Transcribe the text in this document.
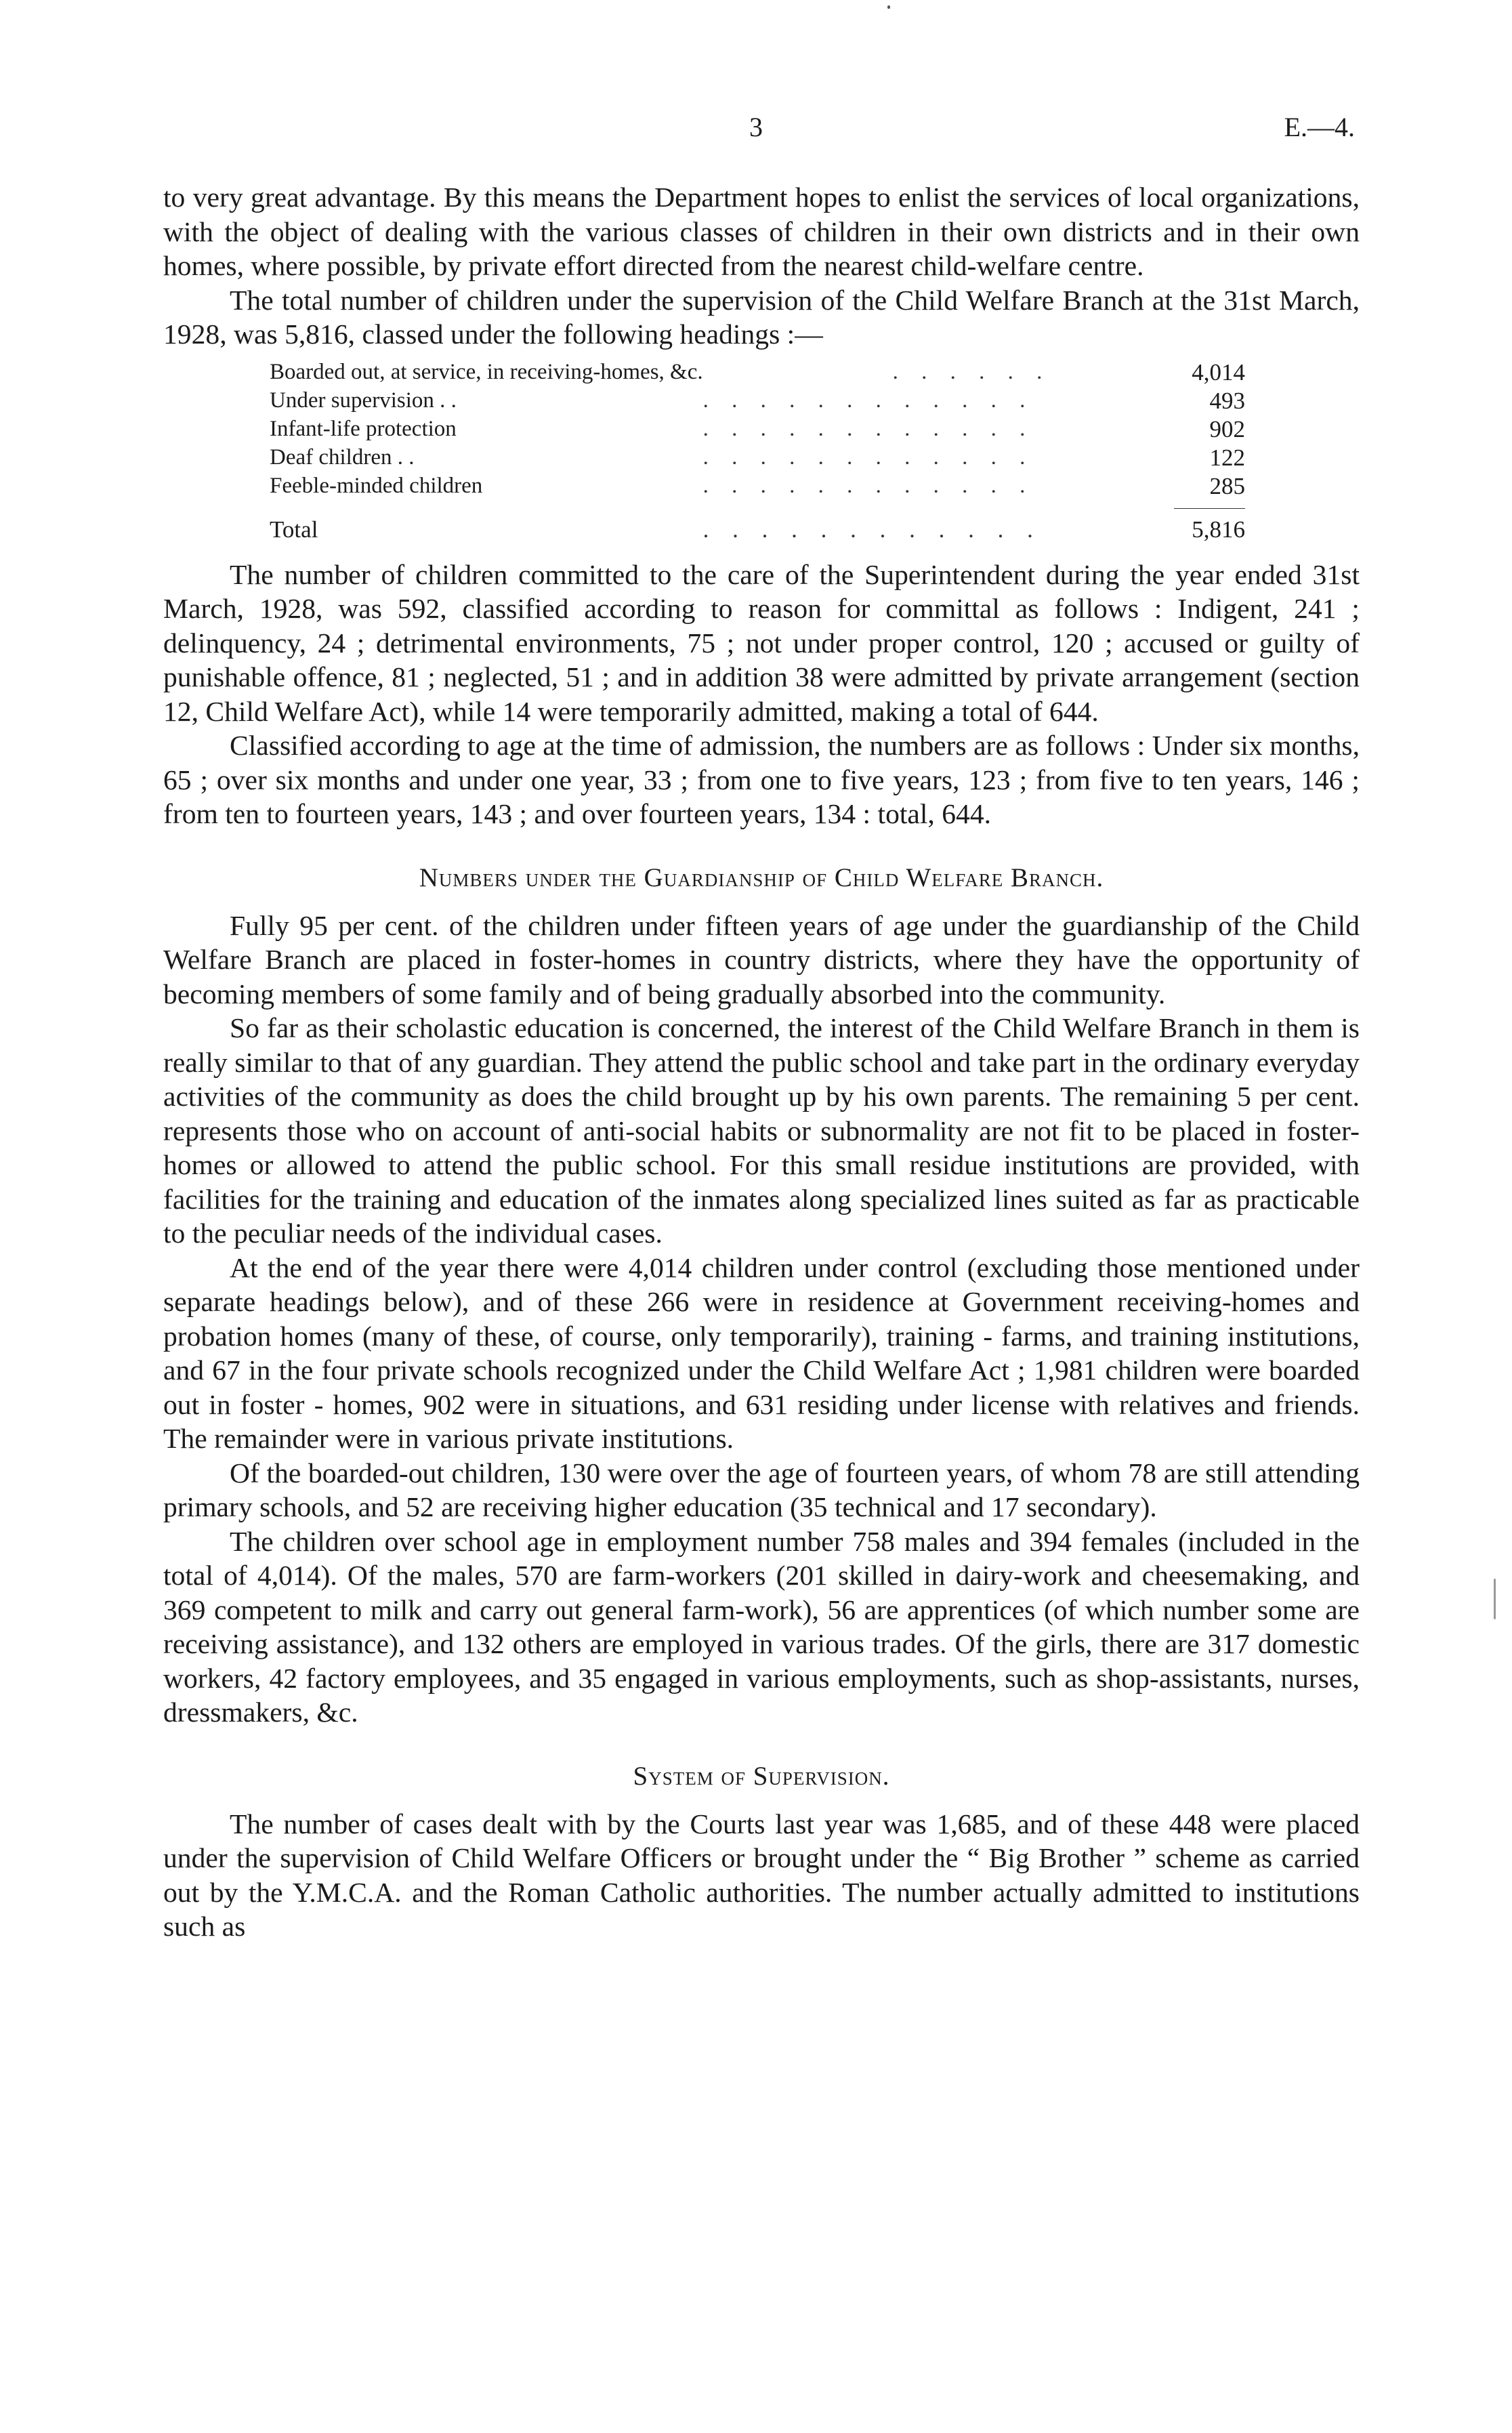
3	E.—4.

to very great advantage. By this means the Department hopes to enlist the services of local organizations, with the object of dealing with the various classes of children in their own districts and in their own homes, where possible, by private effort directed from the nearest child-welfare centre.

The total number of children under the supervision of the Child Welfare Branch at the 31st March, 1928, was 5,816, classed under the following headings :—

Boarded out, at service, in receiving-homes, &c.	. . . . . .	4,014
Under supervision . .	. . . . . . . . . . . .	493
Infant-life protection	. . . . . . . . . . . .	902
Deaf children . .	. . . . . . . . . . . .	122
Feeble-minded children	. . . . . . . . . . . .	285

Total	. . . . . . . . . . . .	5,816

The number of children committed to the care of the Superintendent during the year ended 31st March, 1928, was 592, classified according to reason for committal as follows : Indigent, 241 ; delinquency, 24 ; detrimental environments, 75 ; not under proper control, 120 ; accused or guilty of punishable offence, 81 ; neglected, 51 ; and in addition 38 were admitted by private arrangement (section 12, Child Welfare Act), while 14 were temporarily admitted, making a total of 644.

Classified according to age at the time of admission, the numbers are as follows : Under six months, 65 ; over six months and under one year, 33 ; from one to five years, 123 ; from five to ten years, 146 ; from ten to fourteen years, 143 ; and over fourteen years, 134 : total, 644.

Numbers under the Guardianship of Child Welfare Branch.

Fully 95 per cent. of the children under fifteen years of age under the guardianship of the Child Welfare Branch are placed in foster-homes in country districts, where they have the opportunity of becoming members of some family and of being gradually absorbed into the community.

So far as their scholastic education is concerned, the interest of the Child Welfare Branch in them is really similar to that of any guardian. They attend the public school and take part in the ordinary everyday activities of the community as does the child brought up by his own parents. The remaining 5 per cent. represents those who on account of anti-social habits or subnormality are not fit to be placed in foster-homes or allowed to attend the public school. For this small residue institutions are provided, with facilities for the training and education of the inmates along specialized lines suited as far as practicable to the peculiar needs of the individual cases.

At the end of the year there were 4,014 children under control (excluding those mentioned under separate headings below), and of these 266 were in residence at Government receiving-homes and probation homes (many of these, of course, only temporarily), training - farms, and training institutions, and 67 in the four private schools recognized under the Child Welfare Act ; 1,981 children were boarded out in foster - homes, 902 were in situations, and 631 residing under license with relatives and friends. The remainder were in various private institutions.

Of the boarded-out children, 130 were over the age of fourteen years, of whom 78 are still attending primary schools, and 52 are receiving higher education (35 technical and 17 secondary).

The children over school age in employment number 758 males and 394 females (included in the total of 4,014). Of the males, 570 are farm-workers (201 skilled in dairy-work and cheesemaking, and 369 competent to milk and carry out general farm-work), 56 are apprentices (of which number some are receiving assistance), and 132 others are employed in various trades. Of the girls, there are 317 domestic workers, 42 factory employees, and 35 engaged in various employments, such as shop-assistants, nurses, dressmakers, &c.

System of Supervision.

The number of cases dealt with by the Courts last year was 1,685, and of these 448 were placed under the supervision of Child Welfare Officers or brought under the “ Big Brother ” scheme as carried out by the Y.M.C.A. and the Roman Catholic authorities. The number actually admitted to institutions such as
